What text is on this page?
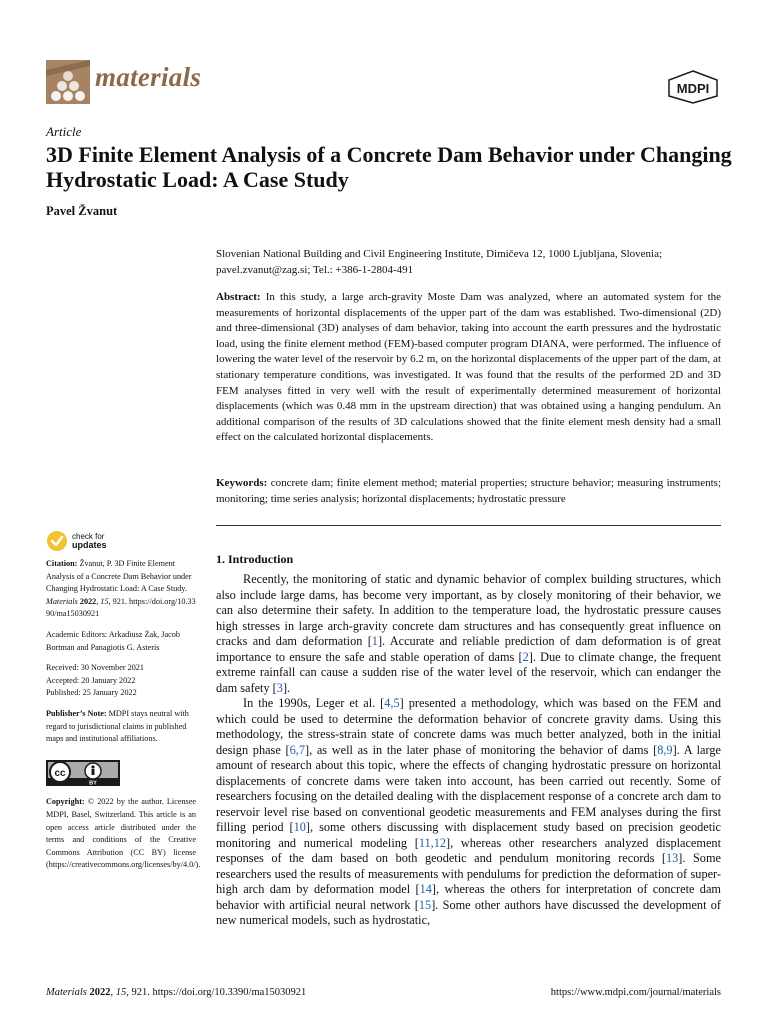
materials	MDPI
Article
3D Finite Element Analysis of a Concrete Dam Behavior under Changing Hydrostatic Load: A Case Study
Pavel Žvanut
Slovenian National Building and Civil Engineering Institute, Dimičeva 12, 1000 Ljubljana, Slovenia;
pavel.zvanut@zag.si; Tel.: +386-1-2804-491
Abstract: In this study, a large arch-gravity Moste Dam was analyzed, where an automated system for the measurements of horizontal displacements of the upper part of the dam was established. Two-dimensional (2D) and three-dimensional (3D) analyses of dam behavior, taking into account the earth pressures and the hydrostatic load, using the finite element method (FEM)-based computer program DIANA, were performed. The influence of lowering the water level of the reservoir by 6.2 m, on the horizontal displacements of the upper part of the dam, at stationary temperature conditions, was investigated. It was found that the results of the performed 2D and 3D FEM analyses fitted in very well with the result of experimentally determined measurement of horizontal displacements (which was 0.48 mm in the upstream direction) that was obtained using a hanging pendulum. An additional comparison of the results of 3D calculations showed that the finite element mesh density had a small effect on the calculated horizontal displacements.
Keywords: concrete dam; finite element method; material properties; structure behavior; measuring instruments; monitoring; time series analysis; horizontal displacements; hydrostatic pressure
check for
updates

Citation: Žvanut, P. 3D Finite Element Analysis of a Concrete Dam Behavior under Changing Hydrostatic Load: A Case Study. Materials 2022, 15, 921. https://doi.org/10.3390/ma15030921

Academic Editors: Arkadiusz Żak, Jacob Bortman and Panagiotis G. Asteris

Received: 30 November 2021
Accepted: 20 January 2022
Published: 25 January 2022

Publisher’s Note: MDPI stays neutral with regard to jurisdictional claims in published maps and institutional affiliations.

cc
BY

Copyright: © 2022 by the author. Licensee MDPI, Basel, Switzerland. This article is an open access article distributed under the terms and conditions of the Creative Commons Attribution (CC BY) license (https://creativecommons.org/licenses/by/4.0/).

1. Introduction

Recently, the monitoring of static and dynamic behavior of complex building structures, which also include large dams, has become very important, as by closely monitoring of their behavior, we can also determine their safety. In addition to the temperature load, the hydrostatic pressure causes high stresses in large arch-gravity concrete dam structures and has consequently great influence on cracks and dam deformation [1]. Accurate and reliable prediction of dam deformation is of great importance to ensure the safe and stable operation of dams [2]. Due to climate change, the frequent extreme rainfall can cause a sudden rise of the water level of the reservoir, which can endanger the dam safety [3].

In the 1990s, Leger et al. [4,5] presented a methodology, which was based on the FEM and which could be used to determine the deformation behavior of concrete gravity dams. Using this methodology, the stress-strain state of concrete dams was much better analyzed, both in the initial design phase [6,7], as well as in the later phase of monitoring the behavior of dams [8,9]. A large amount of research about this topic, where the effects of changing hydrostatic pressure on horizontal displacements of concrete dams were taken into account, has been carried out recently. Some of researchers focusing on the detailed dealing with the displacement response of a concrete arch dam to reservoir level rise based on conventional geodetic measurements and FEM analyses during the first filling period [10], some others discussing with displacement study based on precision geodetic monitoring and numerical modeling [11,12], whereas other researchers analyzed displacement responses of the dam based on both geodetic and pendulum monitoring records [13]. Some researchers used the results of measurements with pendulums for prediction the deformation of super-high arch dam by deformation model [14], whereas the others for interpretation of concrete dam behavior with artificial neural network [15]. Some other authors have discussed the development of new numerical models, such as hydrostatic,

Materials 2022, 15, 921. https://doi.org/10.3390/ma15030921	https://www.mdpi.com/journal/materials
